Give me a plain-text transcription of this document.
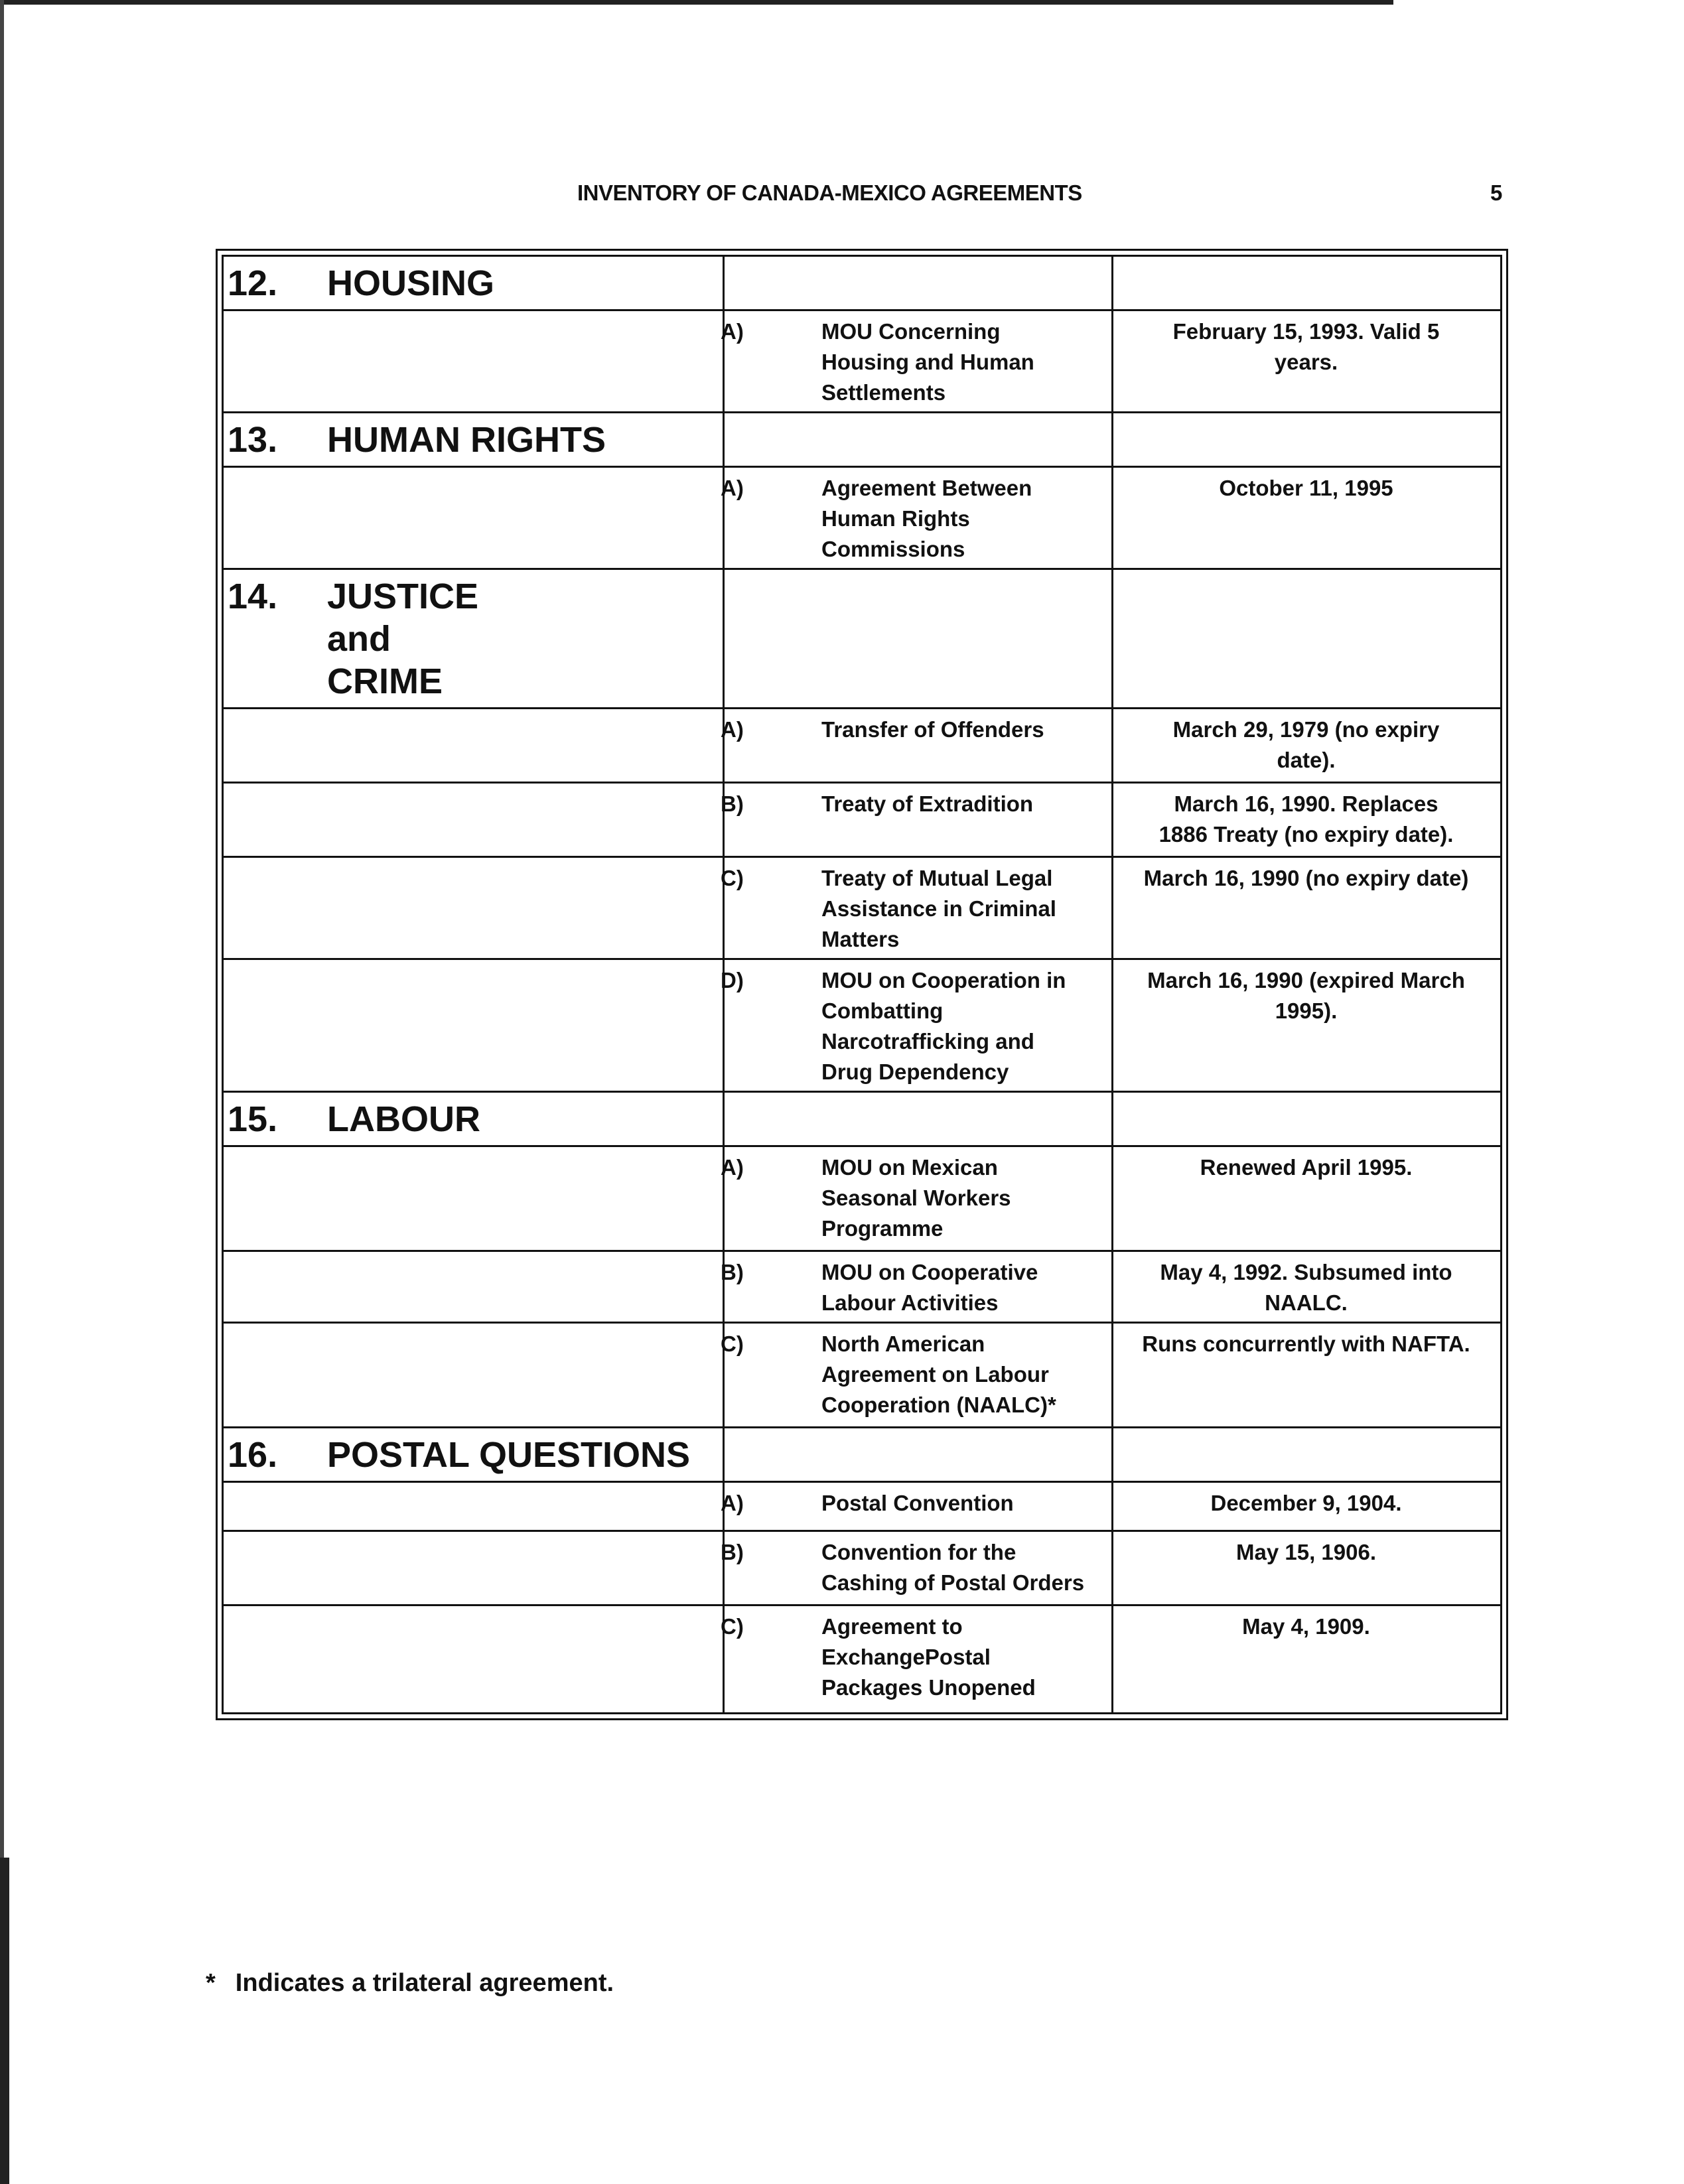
INVENTORY OF CANADA-MEXICO AGREEMENTS	5
12. HOUSING		

	A) MOU Concerning
Housing and Human
Settlements	February 15, 1993. Valid 5
years.

13. HUMAN RIGHTS		

	A) Agreement Between
Human Rights
Commissions	October 11, 1995

14. JUSTICE
and
CRIME		

	A) Transfer of Offenders	March 29, 1979 (no expiry
date).

	B) Treaty of Extradition	March 16, 1990. Replaces
1886 Treaty (no expiry date).

	C) Treaty of Mutual Legal
Assistance in Criminal
Matters	March 16, 1990 (no expiry date)

	D) MOU on Cooperation in
Combatting
Narcotrafficking and
Drug Dependency	March 16, 1990 (expired March
1995).

15. LABOUR		

	A) MOU on Mexican
Seasonal Workers
Programme	Renewed April 1995.

	B) MOU on Cooperative
Labour Activities	May 4, 1992. Subsumed into
NAALC.

	C) North American
Agreement on Labour
Cooperation (NAALC)*	Runs concurrently with NAFTA.

16. POSTAL QUESTIONS		

	A) Postal Convention	December 9, 1904.

	B) Convention for the
Cashing of Postal Orders	May 15, 1906.

	C) Agreement to
ExchangePostal
Packages Unopened	May 4, 1909.
* Indicates a trilateral agreement.
